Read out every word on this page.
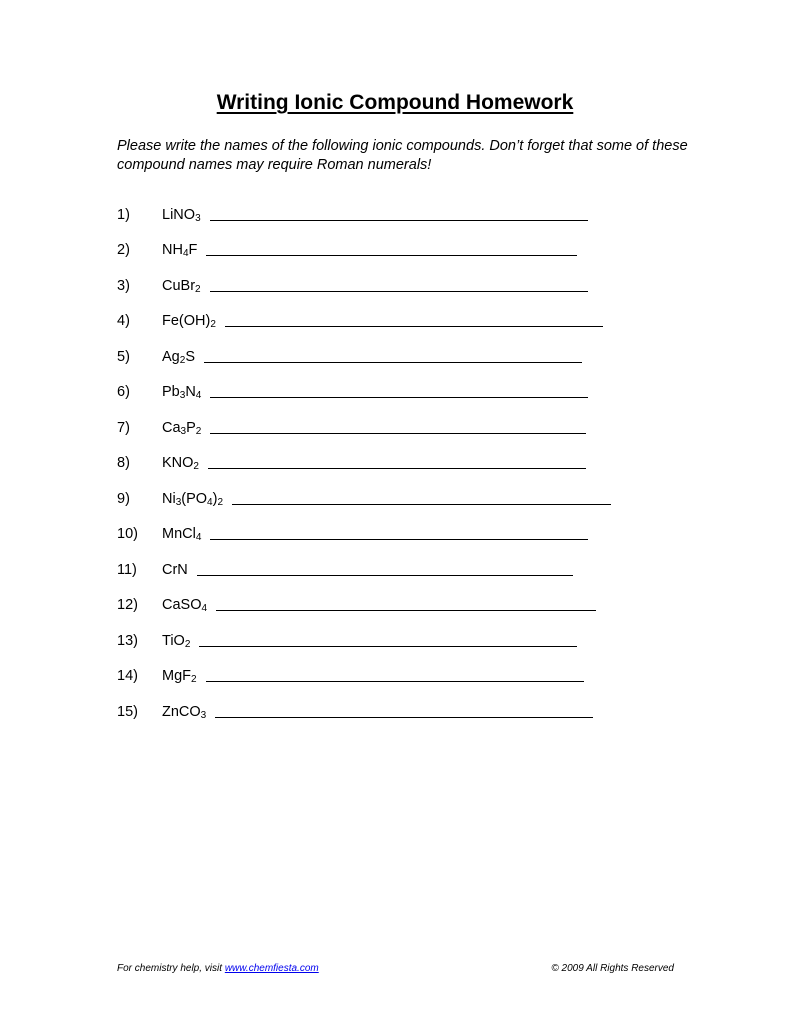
Writing Ionic Compound Homework
Please write the names of the following ionic compounds. Don’t forget that some of these compound names may require Roman numerals!
1)	LiNO$_3$
2)	$NH_4F$
3)	CuBr$_2$
4)	$Fe(OH)_2$
5)	$Ag_2S$
6)	$Pb_3N_4$
7)	$Ca_3P_2$
8)	$KNO_2$
9)	$Ni_3(PO_4)_2$
10)	MnCl$_4$
11)	CrN
12)	CaSO$_4$
13)	TiO$_2$
14)	MgF$_2$
15)	ZnCO$_3$
For chemistry help, visit www.chemfiesta.com	© 2009 All Rights Reserved
